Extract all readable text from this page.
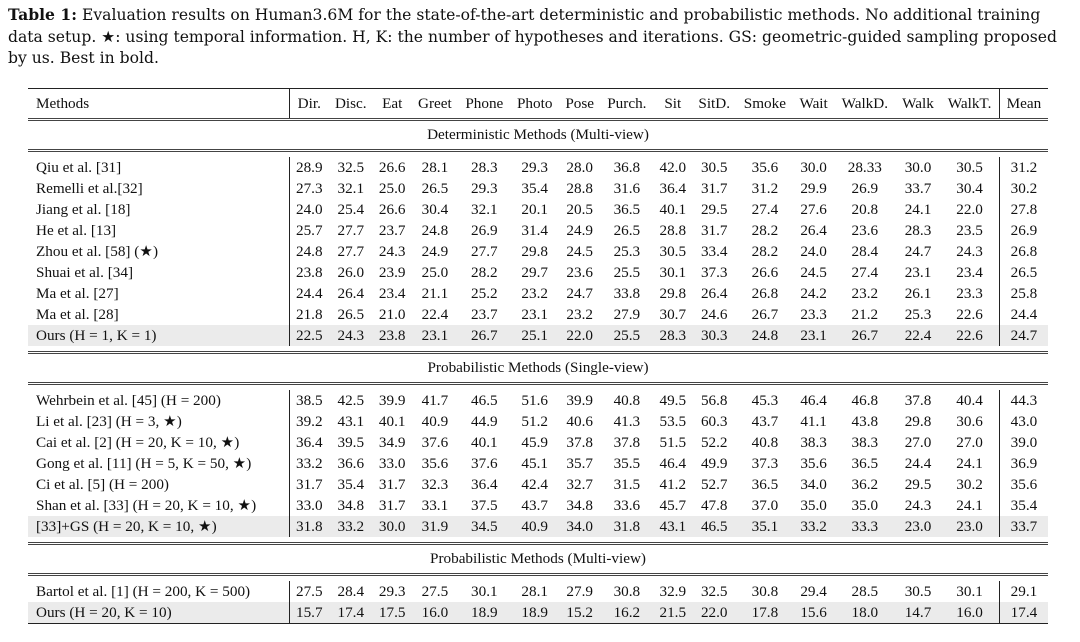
Table 1: Evaluation results on Human3.6M for the state-of-the-art deterministic and probabilistic methods. No additional training data setup. ★: using temporal information. H, K: the number of hypotheses and iterations. GS: geometric-guided sampling proposed by us. Best in bold.
Methods	Dir.	Disc.	Eat	Greet	Phone	Photo	Pose	Purch.	Sit	SitD.	Smoke	Wait	WalkD.	Walk	WalkT.	Mean
Deterministic Methods (Multi-view)																

Qiu et al. [31]	28.9	32.5	26.6	28.1	28.3	29.3	28.0	36.8	42.0	30.5	35.6	30.0	28.33	30.0	30.5	31.2
Remelli et al.[32]	27.3	32.1	25.0	26.5	29.3	35.4	28.8	31.6	36.4	31.7	31.2	29.9	26.9	33.7	30.4	30.2
Jiang et al. [18]	24.0	25.4	26.6	30.4	32.1	20.1	20.5	36.5	40.1	29.5	27.4	27.6	20.8	24.1	22.0	27.8
He et al. [13]	25.7	27.7	23.7	24.8	26.9	31.4	24.9	26.5	28.8	31.7	28.2	26.4	23.6	28.3	23.5	26.9
Zhou et al. [58] (★)	24.8	27.7	24.3	24.9	27.7	29.8	24.5	25.3	30.5	33.4	28.2	24.0	28.4	24.7	24.3	26.8
Shuai et al. [34]	23.8	26.0	23.9	25.0	28.2	29.7	23.6	25.5	30.1	37.3	26.6	24.5	27.4	23.1	23.4	26.5
Ma et al. [27]	24.4	26.4	23.4	21.1	25.2	23.2	24.7	33.8	29.8	26.4	26.8	24.2	23.2	26.1	23.3	25.8
Ma et al. [28]	21.8	26.5	21.0	22.4	23.7	23.1	23.2	27.9	30.7	24.6	26.7	23.3	21.2	25.3	22.6	24.4
Ours (H = 1, K = 1)	22.5	24.3	23.8	23.1	26.7	25.1	22.0	25.5	28.3	30.3	24.8	23.1	26.7	22.4	22.6	24.7

Probabilistic Methods (Single-view)																

Wehrbein et al. [45] (H = 200)	38.5	42.5	39.9	41.7	46.5	51.6	39.9	40.8	49.5	56.8	45.3	46.4	46.8	37.8	40.4	44.3
Li et al. [23] (H = 3, ★)	39.2	43.1	40.1	40.9	44.9	51.2	40.6	41.3	53.5	60.3	43.7	41.1	43.8	29.8	30.6	43.0
Cai et al. [2] (H = 20, K = 10, ★)	36.4	39.5	34.9	37.6	40.1	45.9	37.8	37.8	51.5	52.2	40.8	38.3	38.3	27.0	27.0	39.0
Gong et al. [11] (H = 5, K = 50, ★)	33.2	36.6	33.0	35.6	37.6	45.1	35.7	35.5	46.4	49.9	37.3	35.6	36.5	24.4	24.1	36.9
Ci et al. [5] (H = 200)	31.7	35.4	31.7	32.3	36.4	42.4	32.7	31.5	41.2	52.7	36.5	34.0	36.2	29.5	30.2	35.6
Shan et al. [33] (H = 20, K = 10, ★)	33.0	34.8	31.7	33.1	37.5	43.7	34.8	33.6	45.7	47.8	37.0	35.0	35.0	24.3	24.1	35.4
[33]+GS (H = 20, K = 10, ★)	31.8	33.2	30.0	31.9	34.5	40.9	34.0	31.8	43.1	46.5	35.1	33.2	33.3	23.0	23.0	33.7

Probabilistic Methods (Multi-view)																

Bartol et al. [1] (H = 200, K = 500)	27.5	28.4	29.3	27.5	30.1	28.1	27.9	30.8	32.9	32.5	30.8	29.4	28.5	30.5	30.1	29.1
Ours (H = 20, K = 10)	15.7	17.4	17.5	16.0	18.9	18.9	15.2	16.2	21.5	22.0	17.8	15.6	18.0	14.7	16.0	17.4
